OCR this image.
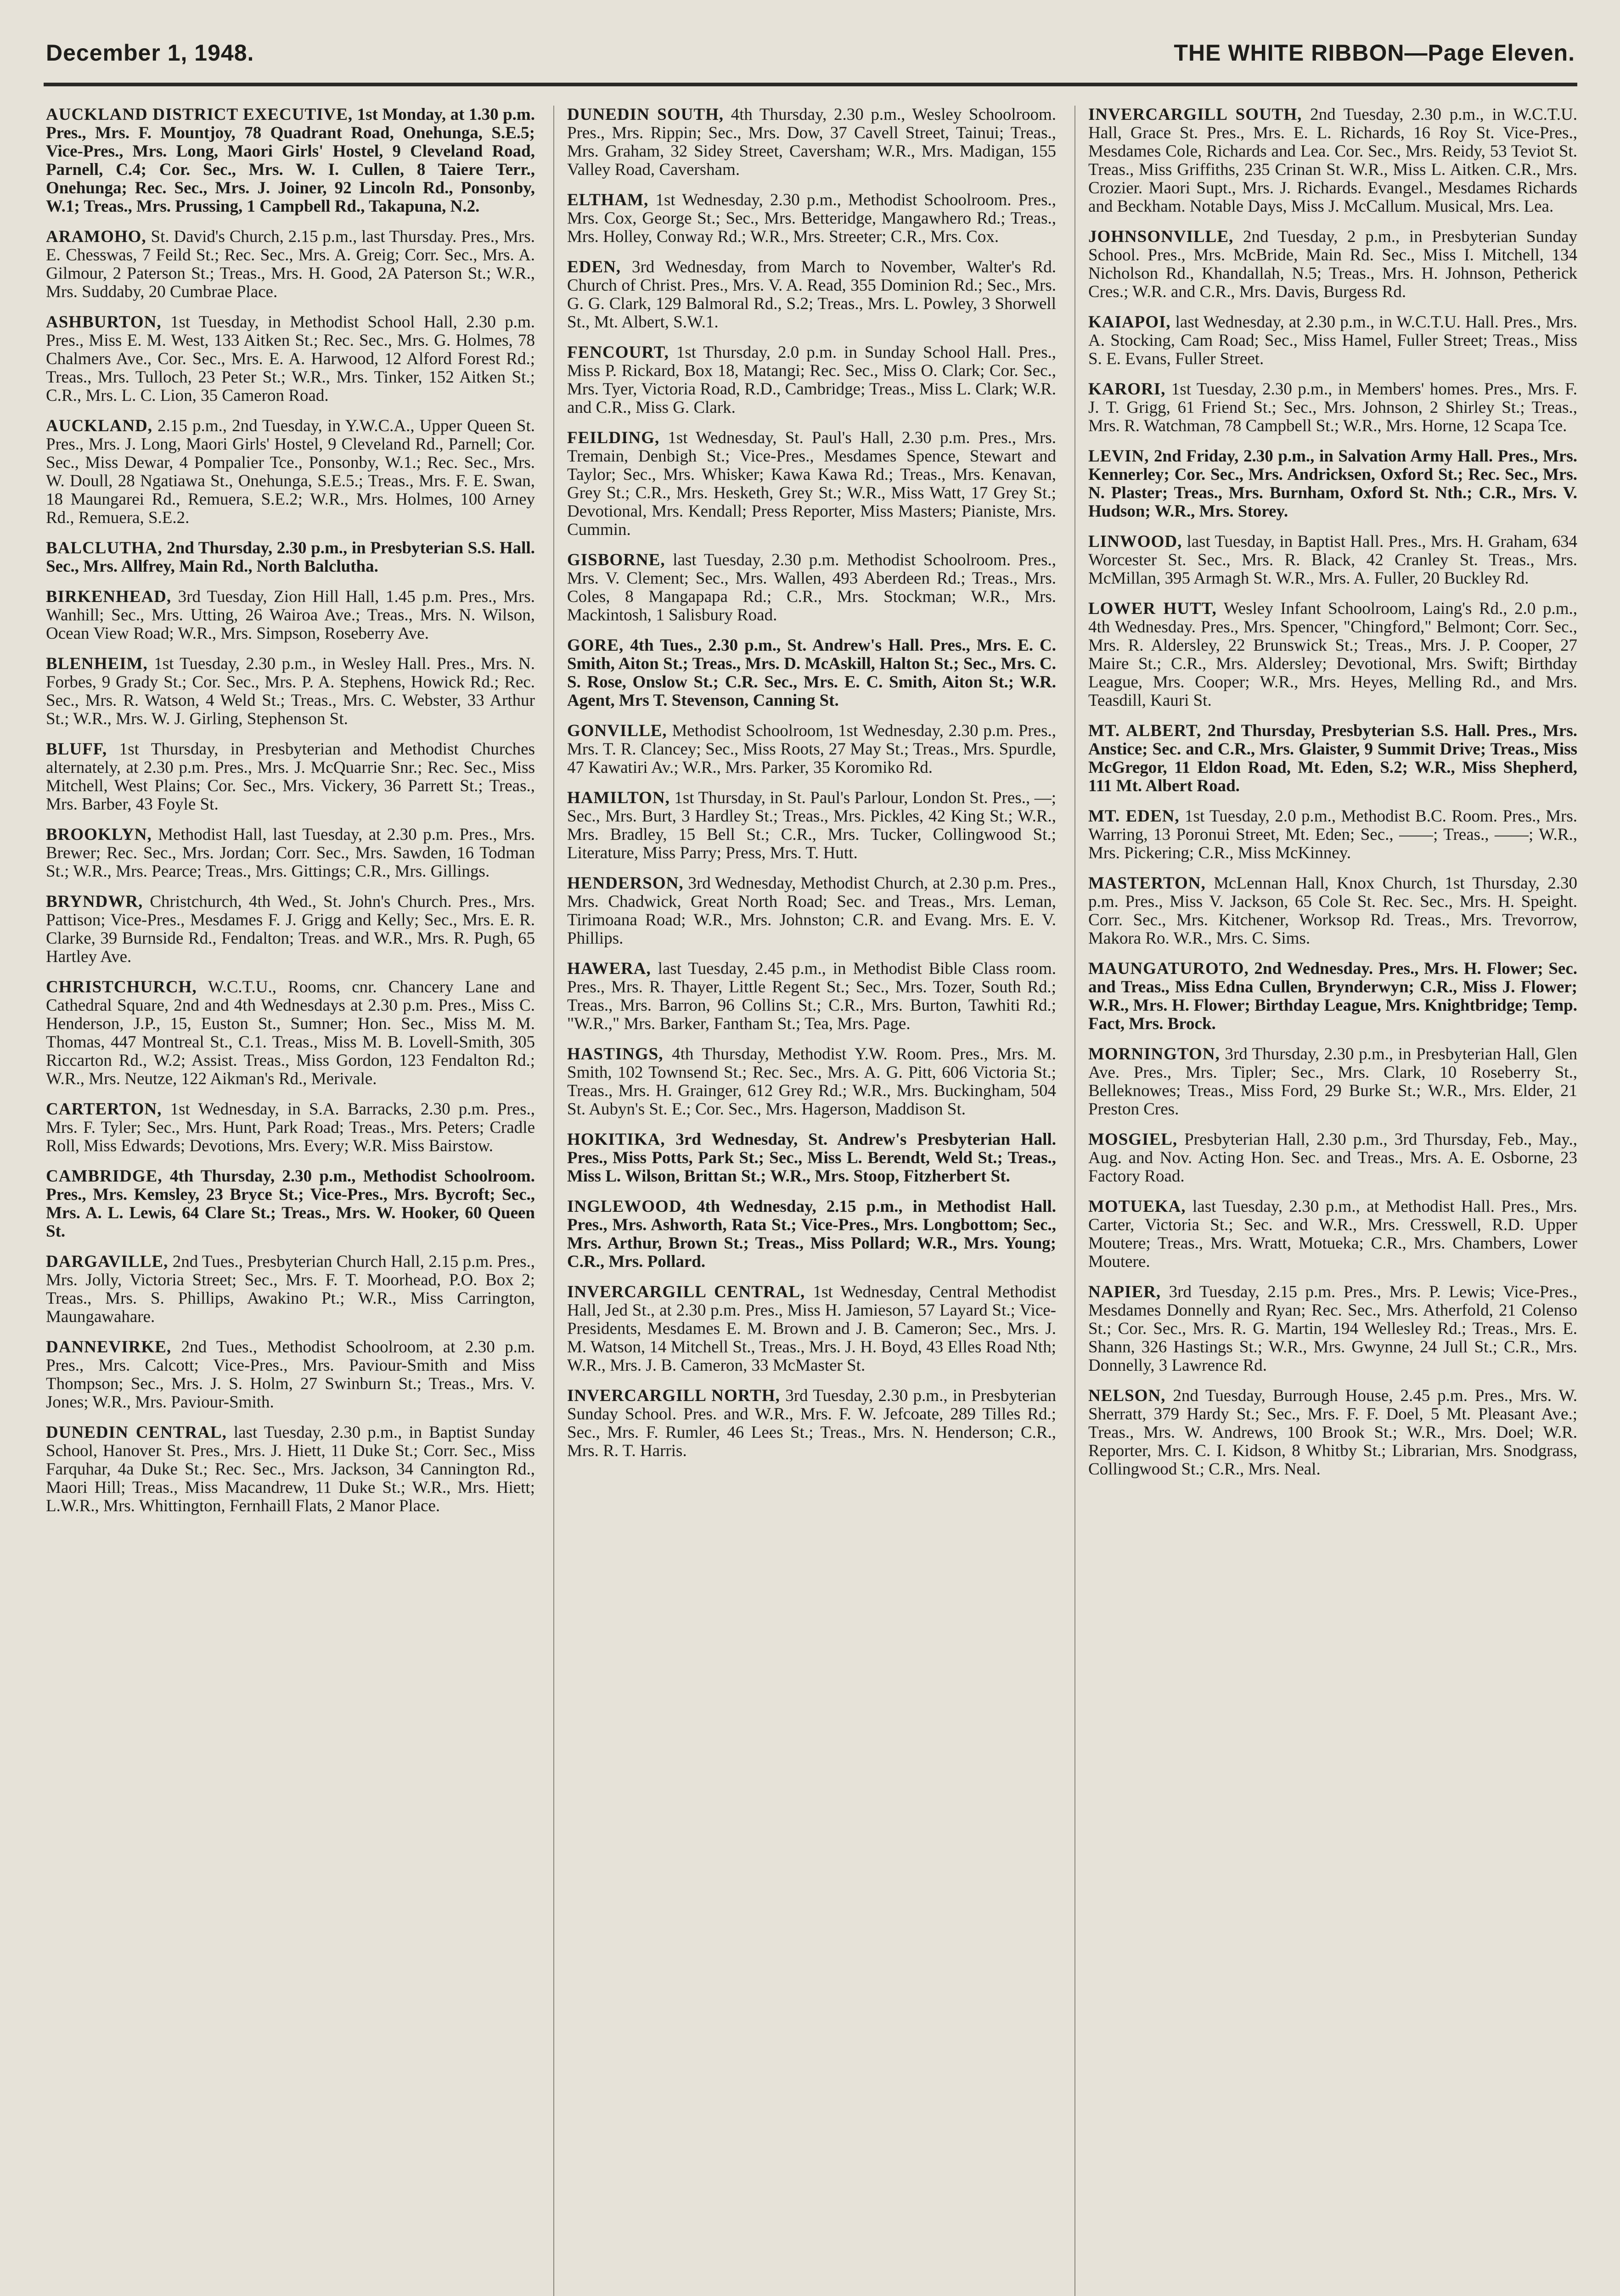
December 1, 1948.	THE WHITE RIBBON—Page Eleven.

AUCKLAND DISTRICT EXECUTIVE, 1st Monday, at 1.30 p.m. Pres., Mrs. F. Mountjoy, 78 Quadrant Road, Onehunga, S.E.5; Vice-Pres., Mrs. Long, Maori Girls' Hostel, 9 Cleveland Road, Parnell, C.4; Cor. Sec., Mrs. W. I. Cullen, 8 Taiere Terr., Onehunga; Rec. Sec., Mrs. J. Joiner, 92 Lincoln Rd., Ponsonby, W.1; Treas., Mrs. Prussing, 1 Campbell Rd., Takapuna, N.2.

ARAMOHO, St. David's Church, 2.15 p.m., last Thursday. Pres., Mrs. E. Chesswas, 7 Feild St.; Rec. Sec., Mrs. A. Greig; Corr. Sec., Mrs. A. Gilmour, 2 Paterson St.; Treas., Mrs. H. Good, 2A Paterson St.; W.R., Mrs. Suddaby, 20 Cumbrae Place.

ASHBURTON, 1st Tuesday, in Methodist School Hall, 2.30 p.m. Pres., Miss E. M. West, 133 Aitken St.; Rec. Sec., Mrs. G. Holmes, 78 Chalmers Ave., Cor. Sec., Mrs. E. A. Harwood, 12 Alford Forest Rd.; Treas., Mrs. Tulloch, 23 Peter St.; W.R., Mrs. Tinker, 152 Aitken St.; C.R., Mrs. L. C. Lion, 35 Cameron Road.

AUCKLAND, 2.15 p.m., 2nd Tuesday, in Y.W.C.A., Upper Queen St. Pres., Mrs. J. Long, Maori Girls' Hostel, 9 Cleveland Rd., Parnell; Cor. Sec., Miss Dewar, 4 Pompalier Tce., Ponsonby, W.1.; Rec. Sec., Mrs. W. Doull, 28 Ngatiawa St., Onehunga, S.E.5.; Treas., Mrs. F. E. Swan, 18 Maungarei Rd., Remuera, S.E.2; W.R., Mrs. Holmes, 100 Arney Rd., Remuera, S.E.2.

BALCLUTHA, 2nd Thursday, 2.30 p.m., in Presbyterian S.S. Hall. Sec., Mrs. Allfrey, Main Rd., North Balclutha.

BIRKENHEAD, 3rd Tuesday, Zion Hill Hall, 1.45 p.m. Pres., Mrs. Wanhill; Sec., Mrs. Utting, 26 Wairoa Ave.; Treas., Mrs. N. Wilson, Ocean View Road; W.R., Mrs. Simpson, Roseberry Ave.

BLENHEIM, 1st Tuesday, 2.30 p.m., in Wesley Hall. Pres., Mrs. N. Forbes, 9 Grady St.; Cor. Sec., Mrs. P. A. Stephens, Howick Rd.; Rec. Sec., Mrs. R. Watson, 4 Weld St.; Treas., Mrs. C. Webster, 33 Arthur St.; W.R., Mrs. W. J. Girling, Stephenson St.

BLUFF, 1st Thursday, in Presbyterian and Methodist Churches alternately, at 2.30 p.m. Pres., Mrs. J. McQuarrie Snr.; Rec. Sec., Miss Mitchell, West Plains; Cor. Sec., Mrs. Vickery, 36 Parrett St.; Treas., Mrs. Barber, 43 Foyle St.

BROOKLYN, Methodist Hall, last Tuesday, at 2.30 p.m. Pres., Mrs. Brewer; Rec. Sec., Mrs. Jordan; Corr. Sec., Mrs. Sawden, 16 Todman St.; W.R., Mrs. Pearce; Treas., Mrs. Gittings; C.R., Mrs. Gillings.

BRYNDWR, Christchurch, 4th Wed., St. John's Church. Pres., Mrs. Pattison; Vice-Pres., Mesdames F. J. Grigg and Kelly; Sec., Mrs. E. R. Clarke, 39 Burnside Rd., Fendalton; Treas. and W.R., Mrs. R. Pugh, 65 Hartley Ave.

CHRISTCHURCH, W.C.T.U., Rooms, cnr. Chancery Lane and Cathedral Square, 2nd and 4th Wednesdays at 2.30 p.m. Pres., Miss C. Henderson, J.P., 15, Euston St., Sumner; Hon. Sec., Miss M. M. Thomas, 447 Montreal St., C.1. Treas., Miss M. B. Lovell-Smith, 305 Riccarton Rd., W.2; Assist. Treas., Miss Gordon, 123 Fendalton Rd.; W.R., Mrs. Neutze, 122 Aikman's Rd., Merivale.

CARTERTON, 1st Wednesday, in S.A. Barracks, 2.30 p.m. Pres., Mrs. F. Tyler; Sec., Mrs. Hunt, Park Road; Treas., Mrs. Peters; Cradle Roll, Miss Edwards; Devotions, Mrs. Every; W.R. Miss Bairstow.

CAMBRIDGE, 4th Thursday, 2.30 p.m., Methodist Schoolroom. Pres., Mrs. Kemsley, 23 Bryce St.; Vice-Pres., Mrs. Bycroft; Sec., Mrs. A. L. Lewis, 64 Clare St.; Treas., Mrs. W. Hooker, 60 Queen St.

DARGAVILLE, 2nd Tues., Presbyterian Church Hall, 2.15 p.m. Pres., Mrs. Jolly, Victoria Street; Sec., Mrs. F. T. Moorhead, P.O. Box 2; Treas., Mrs. S. Phillips, Awakino Pt.; W.R., Miss Carrington, Maungawahare.

DANNEVIRKE, 2nd Tues., Methodist Schoolroom, at 2.30 p.m. Pres., Mrs. Calcott; Vice-Pres., Mrs. Paviour-Smith and Miss Thompson; Sec., Mrs. J. S. Holm, 27 Swinburn St.; Treas., Mrs. V. Jones; W.R., Mrs. Paviour-Smith.

DUNEDIN CENTRAL, last Tuesday, 2.30 p.m., in Baptist Sunday School, Hanover St. Pres., Mrs. J. Hiett, 11 Duke St.; Corr. Sec., Miss Farquhar, 4a Duke St.; Rec. Sec., Mrs. Jackson, 34 Cannington Rd., Maori Hill; Treas., Miss Macandrew, 11 Duke St.; W.R., Mrs. Hiett; L.W.R., Mrs. Whittington, Fernhaill Flats, 2 Manor Place.

DUNEDIN SOUTH, 4th Thursday, 2.30 p.m., Wesley Schoolroom. Pres., Mrs. Rippin; Sec., Mrs. Dow, 37 Cavell Street, Tainui; Treas., Mrs. Graham, 32 Sidey Street, Caversham; W.R., Mrs. Madigan, 155 Valley Road, Caversham.

ELTHAM, 1st Wednesday, 2.30 p.m., Methodist Schoolroom. Pres., Mrs. Cox, George St.; Sec., Mrs. Betteridge, Mangawhero Rd.; Treas., Mrs. Holley, Conway Rd.; W.R., Mrs. Streeter; C.R., Mrs. Cox.

EDEN, 3rd Wednesday, from March to November, Walter's Rd. Church of Christ. Pres., Mrs. V. A. Read, 355 Dominion Rd.; Sec., Mrs. G. G. Clark, 129 Balmoral Rd., S.2; Treas., Mrs. L. Powley, 3 Shorwell St., Mt. Albert, S.W.1.

FENCOURT, 1st Thursday, 2.0 p.m. in Sunday School Hall. Pres., Miss P. Rickard, Box 18, Matangi; Rec. Sec., Miss O. Clark; Cor. Sec., Mrs. Tyer, Victoria Road, R.D., Cambridge; Treas., Miss L. Clark; W.R. and C.R., Miss G. Clark.

FEILDING, 1st Wednesday, St. Paul's Hall, 2.30 p.m. Pres., Mrs. Tremain, Denbigh St.; Vice-Pres., Mesdames Spence, Stewart and Taylor; Sec., Mrs. Whisker; Kawa Kawa Rd.; Treas., Mrs. Kenavan, Grey St.; C.R., Mrs. Hesketh, Grey St.; W.R., Miss Watt, 17 Grey St.; Devotional, Mrs. Kendall; Press Reporter, Miss Masters; Pianiste, Mrs. Cummin.

GISBORNE, last Tuesday, 2.30 p.m. Methodist Schoolroom. Pres., Mrs. V. Clement; Sec., Mrs. Wallen, 493 Aberdeen Rd.; Treas., Mrs. Coles, 8 Mangapapa Rd.; C.R., Mrs. Stockman; W.R., Mrs. Mackintosh, 1 Salisbury Road.

GORE, 4th Tues., 2.30 p.m., St. Andrew's Hall. Pres., Mrs. E. C. Smith, Aiton St.; Treas., Mrs. D. McAskill, Halton St.; Sec., Mrs. C. S. Rose, Onslow St.; C.R. Sec., Mrs. E. C. Smith, Aiton St.; W.R. Agent, Mrs T. Stevenson, Canning St.

GONVILLE, Methodist Schoolroom, 1st Wednesday, 2.30 p.m. Pres., Mrs. T. R. Clancey; Sec., Miss Roots, 27 May St.; Treas., Mrs. Spurdle, 47 Kawatiri Av.; W.R., Mrs. Parker, 35 Koromiko Rd.

HAMILTON, 1st Thursday, in St. Paul's Parlour, London St. Pres., —; Sec., Mrs. Burt, 3 Hardley St.; Treas., Mrs. Pickles, 42 King St.; W.R., Mrs. Bradley, 15 Bell St.; C.R., Mrs. Tucker, Collingwood St.; Literature, Miss Parry; Press, Mrs. T. Hutt.

HENDERSON, 3rd Wednesday, Methodist Church, at 2.30 p.m. Pres., Mrs. Chadwick, Great North Road; Sec. and Treas., Mrs. Leman, Tirimoana Road; W.R., Mrs. Johnston; C.R. and Evang. Mrs. E. V. Phillips.

HAWERA, last Tuesday, 2.45 p.m., in Methodist Bible Class room. Pres., Mrs. R. Thayer, Little Regent St.; Sec., Mrs. Tozer, South Rd.; Treas., Mrs. Barron, 96 Collins St.; C.R., Mrs. Burton, Tawhiti Rd.; "W.R.," Mrs. Barker, Fantham St.; Tea, Mrs. Page.

HASTINGS, 4th Thursday, Methodist Y.W. Room. Pres., Mrs. M. Smith, 102 Townsend St.; Rec. Sec., Mrs. A. G. Pitt, 606 Victoria St.; Treas., Mrs. H. Grainger, 612 Grey Rd.; W.R., Mrs. Buckingham, 504 St. Aubyn's St. E.; Cor. Sec., Mrs. Hagerson, Maddison St.

HOKITIKA, 3rd Wednesday, St. Andrew's Presbyterian Hall. Pres., Miss Potts, Park St.; Sec., Miss L. Berendt, Weld St.; Treas., Miss L. Wilson, Brittan St.; W.R., Mrs. Stoop, Fitzherbert St.

INGLEWOOD, 4th Wednesday, 2.15 p.m., in Methodist Hall. Pres., Mrs. Ashworth, Rata St.; Vice-Pres., Mrs. Longbottom; Sec., Mrs. Arthur, Brown St.; Treas., Miss Pollard; W.R., Mrs. Young; C.R., Mrs. Pollard.

INVERCARGILL CENTRAL, 1st Wednesday, Central Methodist Hall, Jed St., at 2.30 p.m. Pres., Miss H. Jamieson, 57 Layard St.; Vice-Presidents, Mesdames E. M. Brown and J. B. Cameron; Sec., Mrs. J. M. Watson, 14 Mitchell St., Treas., Mrs. J. H. Boyd, 43 Elles Road Nth; W.R., Mrs. J. B. Cameron, 33 McMaster St.

INVERCARGILL NORTH, 3rd Tuesday, 2.30 p.m., in Presbyterian Sunday School. Pres. and W.R., Mrs. F. W. Jefcoate, 289 Tilles Rd.; Sec., Mrs. F. Rumler, 46 Lees St.; Treas., Mrs. N. Henderson; C.R., Mrs. R. T. Harris.

INVERCARGILL SOUTH, 2nd Tuesday, 2.30 p.m., in W.C.T.U. Hall, Grace St. Pres., Mrs. E. L. Richards, 16 Roy St. Vice-Pres., Mesdames Cole, Richards and Lea. Cor. Sec., Mrs. Reidy, 53 Teviot St. Treas., Miss Griffiths, 235 Crinan St. W.R., Miss L. Aitken. C.R., Mrs. Crozier. Maori Supt., Mrs. J. Richards. Evangel., Mesdames Richards and Beckham. Notable Days, Miss J. McCallum. Musical, Mrs. Lea.

JOHNSONVILLE, 2nd Tuesday, 2 p.m., in Presbyterian Sunday School. Pres., Mrs. McBride, Main Rd. Sec., Miss I. Mitchell, 134 Nicholson Rd., Khandallah, N.5; Treas., Mrs. H. Johnson, Petherick Cres.; W.R. and C.R., Mrs. Davis, Burgess Rd.

KAIAPOI, last Wednesday, at 2.30 p.m., in W.C.T.U. Hall. Pres., Mrs. A. Stocking, Cam Road; Sec., Miss Hamel, Fuller Street; Treas., Miss S. E. Evans, Fuller Street.

KARORI, 1st Tuesday, 2.30 p.m., in Members' homes. Pres., Mrs. F. J. T. Grigg, 61 Friend St.; Sec., Mrs. Johnson, 2 Shirley St.; Treas., Mrs. R. Watchman, 78 Campbell St.; W.R., Mrs. Horne, 12 Scapa Tce.

LEVIN, 2nd Friday, 2.30 p.m., in Salvation Army Hall. Pres., Mrs. Kennerley; Cor. Sec., Mrs. Andricksen, Oxford St.; Rec. Sec., Mrs. N. Plaster; Treas., Mrs. Burnham, Oxford St. Nth.; C.R., Mrs. V. Hudson; W.R., Mrs. Storey.

LINWOOD, last Tuesday, in Baptist Hall. Pres., Mrs. H. Graham, 634 Worcester St. Sec., Mrs. R. Black, 42 Cranley St. Treas., Mrs. McMillan, 395 Armagh St. W.R., Mrs. A. Fuller, 20 Buckley Rd.

LOWER HUTT, Wesley Infant Schoolroom, Laing's Rd., 2.0 p.m., 4th Wednesday. Pres., Mrs. Spencer, "Chingford," Belmont; Corr. Sec., Mrs. R. Aldersley, 22 Brunswick St.; Treas., Mrs. J. P. Cooper, 27 Maire St.; C.R., Mrs. Aldersley; Devotional, Mrs. Swift; Birthday League, Mrs. Cooper; W.R., Mrs. Heyes, Melling Rd., and Mrs. Teasdill, Kauri St.

MT. ALBERT, 2nd Thursday, Presbyterian S.S. Hall. Pres., Mrs. Anstice; Sec. and C.R., Mrs. Glaister, 9 Summit Drive; Treas., Miss McGregor, 11 Eldon Road, Mt. Eden, S.2; W.R., Miss Shepherd, 111 Mt. Albert Road.

MT. EDEN, 1st Tuesday, 2.0 p.m., Methodist B.C. Room. Pres., Mrs. Warring, 13 Poronui Street, Mt. Eden; Sec., ——; Treas., ——; W.R., Mrs. Pickering; C.R., Miss McKinney.

MASTERTON, McLennan Hall, Knox Church, 1st Thursday, 2.30 p.m. Pres., Miss V. Jackson, 65 Cole St. Rec. Sec., Mrs. H. Speight. Corr. Sec., Mrs. Kitchener, Worksop Rd. Treas., Mrs. Trevorrow, Makora Ro. W.R., Mrs. C. Sims.

MAUNGATUROTO, 2nd Wednesday. Pres., Mrs. H. Flower; Sec. and Treas., Miss Edna Cullen, Brynderwyn; C.R., Miss J. Flower; W.R., Mrs. H. Flower; Birthday League, Mrs. Knightbridge; Temp. Fact, Mrs. Brock.

MORNINGTON, 3rd Thursday, 2.30 p.m., in Presbyterian Hall, Glen Ave. Pres., Mrs. Tipler; Sec., Mrs. Clark, 10 Roseberry St., Belleknowes; Treas., Miss Ford, 29 Burke St.; W.R., Mrs. Elder, 21 Preston Cres.

MOSGIEL, Presbyterian Hall, 2.30 p.m., 3rd Thursday, Feb., May., Aug. and Nov. Acting Hon. Sec. and Treas., Mrs. A. E. Osborne, 23 Factory Road.

MOTUEKA, last Tuesday, 2.30 p.m., at Methodist Hall. Pres., Mrs. Carter, Victoria St.; Sec. and W.R., Mrs. Cresswell, R.D. Upper Moutere; Treas., Mrs. Wratt, Motueka; C.R., Mrs. Chambers, Lower Moutere.

NAPIER, 3rd Tuesday, 2.15 p.m. Pres., Mrs. P. Lewis; Vice-Pres., Mesdames Donnelly and Ryan; Rec. Sec., Mrs. Atherfold, 21 Colenso St.; Cor. Sec., Mrs. R. G. Martin, 194 Wellesley Rd.; Treas., Mrs. E. Shann, 326 Hastings St.; W.R., Mrs. Gwynne, 24 Jull St.; C.R., Mrs. Donnelly, 3 Lawrence Rd.

NELSON, 2nd Tuesday, Burrough House, 2.45 p.m. Pres., Mrs. W. Sherratt, 379 Hardy St.; Sec., Mrs. F. F. Doel, 5 Mt. Pleasant Ave.; Treas., Mrs. W. Andrews, 100 Brook St.; W.R., Mrs. Doel; W.R. Reporter, Mrs. C. I. Kidson, 8 Whitby St.; Librarian, Mrs. Snodgrass, Collingwood St.; C.R., Mrs. Neal.
